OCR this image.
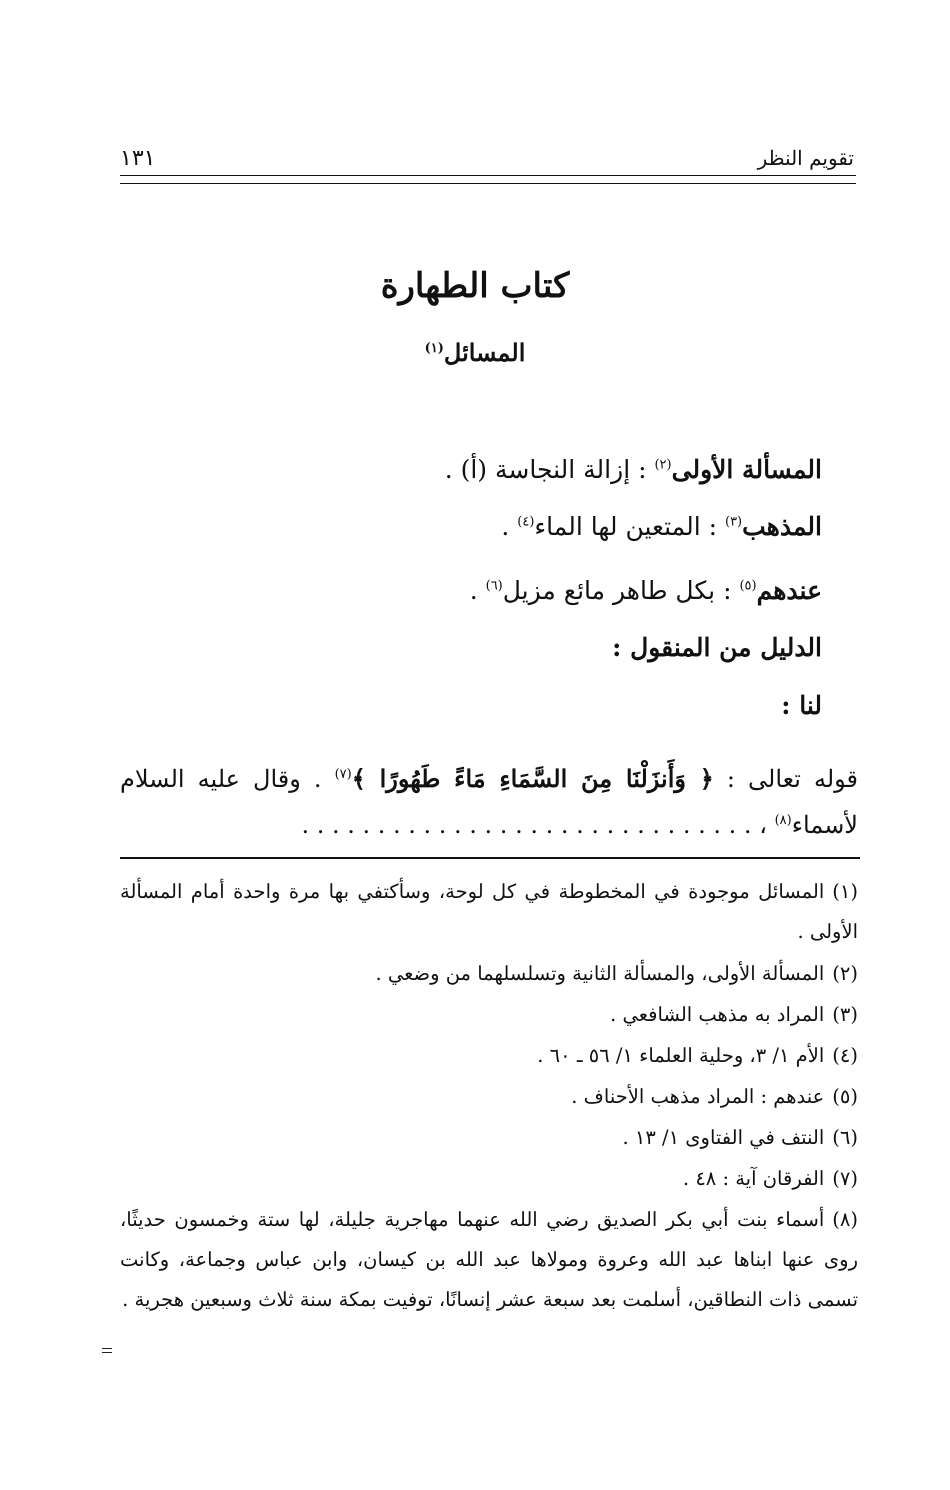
تقويم النظر
١٣١
كتاب الطهارة
المسائل$^{(١)}$
المسألة الأولى$^{(٢)}$ : إزالة النجاسة (أ) .
المذهب$^{(٣)}$ : المتعين لها الماء$^{(٤)}$ .
عندهم$^{(٥)}$ : بكل طاهر مائع مزيل$^{(٦)}$ .
الدليل من المنقول :
لنا :
قوله تعالى : ﴿ وَأَنزَلْنَا مِنَ السَّمَاءِ مَاءً طَهُورًا ﴾$^{(٧)}$ . وقال عليه السلام لأسماء$^{(٨)}$ ، . . . . . . . . . . . . . . . . . . . . . . . . . . . . . .
(١)المسائل موجودة في المخطوطة في كل لوحة، وسأكتفي بها مرة واحدة أمام المسألة الأولى .
(٢)المسألة الأولى، والمسألة الثانية وتسلسلهما من وضعي .
(٣)المراد به مذهب الشافعي .
(٤)الأم ١/ ٣، وحلية العلماء ١/ ٥٦ ـ ٦٠ .
(٥)عندهم : المراد مذهب الأحناف .
(٦)النتف في الفتاوى ١/ ١٣ .
(٧)الفرقان آية : ٤٨ .
(٨)أسماء بنت أبي بكر الصديق رضي الله عنهما مهاجرية جليلة، لها ستة وخمسون حديثًا، روى عنها ابناها عبد الله وعروة ومولاها عبد الله بن كيسان، وابن عباس وجماعة، وكانت تسمى ذات النطاقين، أسلمت بعد سبعة عشر إنسانًا، توفيت بمكة سنة ثلاث وسبعين هجرية .
